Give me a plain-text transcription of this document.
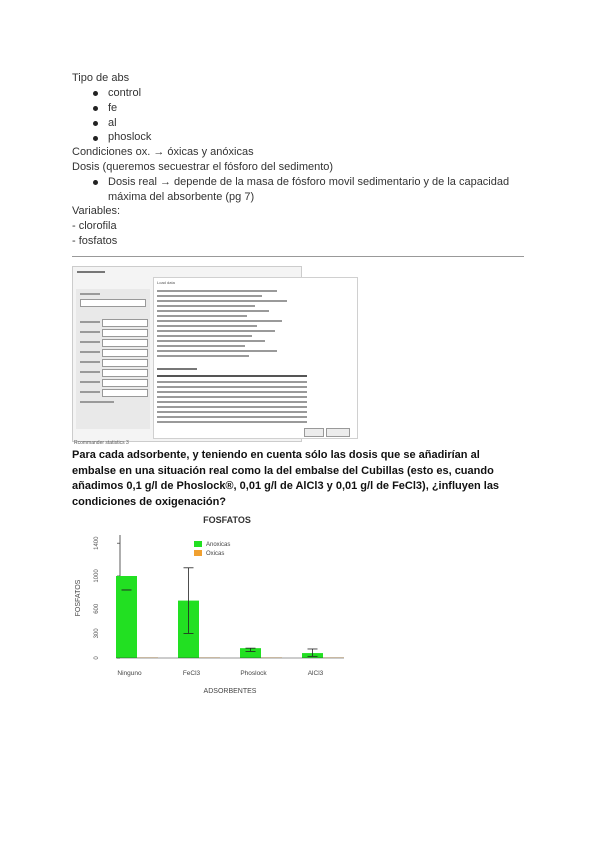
Tipo de abs
control
fe
al
phoslock
Condiciones ox. → óxicas y anóxicas
Dosis (queremos secuestrar el fósforo del sedimento)
Dosis real → depende de la masa de fósforo movil sedimentario y de la capacidad
máxima del absorbente (pg 7)
Variables:
- clorofila
- fosfatos
Load data
Rcommander statistics 3
Para cada adsorbente, y teniendo en cuenta sólo las dosis que se añadirían al embalse en una situación real como la del embalse del Cubillas (esto es, cuando añadimos 0,1 g/l de Phoslock®, 0,01 g/l de AlCl3 y 0,01 g/l de FeCl3), ¿influyen las condiciones de oxigenación?
FOSFATOS
0
300
600
1000
1400
FOSFATOS
Ninguno	FeCl3	Phoslock	AlCl3
ADSORBENTES
Anoxicas
Oxicas
